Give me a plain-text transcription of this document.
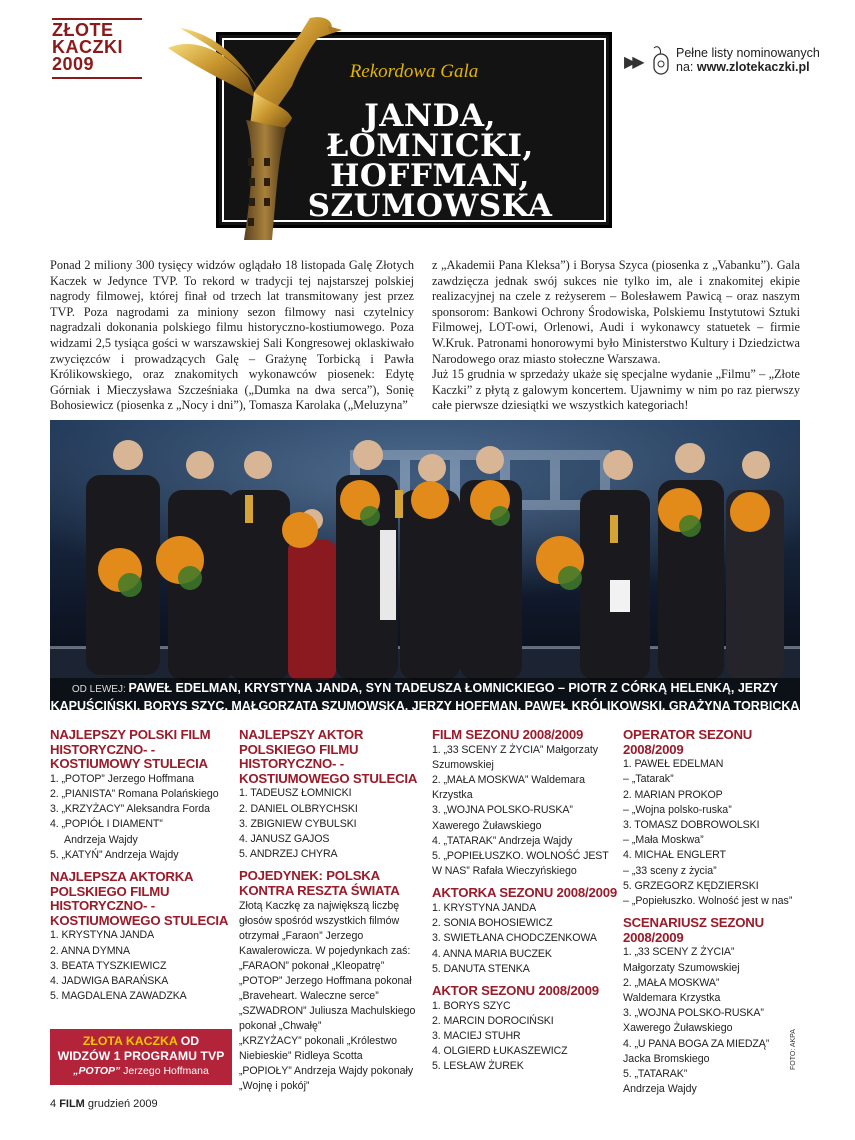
ZŁOTE
KACZKI
2009	Rekordowa Gala
JANDA,
ŁOMNICKI,
HOFFMAN,
SZUMOWSKA
▶▶
Pełne listy nominowanych
na: www.zlotekaczki.pl

Ponad 2 miliony 300 tysięcy widzów oglądało 18 listopada Galę Złotych Kaczek w Jedynce TVP. To rekord w tradycji tej najstarszej polskiej nagrody filmowej, której finał od trzech lat transmitowany jest przez TVP. Poza nagrodami za miniony sezon filmowy nasi czytelnicy nagradzali dokonania polskiego filmu historyczno-kostiumowego. Poza widzami 2,5 tysiąca gości w warszawskiej Sali Kongresowej oklaskiwało zwycięzców i prowadzących Galę – Grażynę Torbicką i Pawła Królikowskiego, oraz znakomitych wykonawców piosenek: Edytę Górniak i Mieczysława Szcześniaka („Dumka na dwa serca”), Sonię Bohosiewicz (piosenka z „Nocy i dni”), Tomasza Karolaka („Meluzyna”

z „Akademii Pana Kleksa”) i Borysa Szyca (piosenka z „Vabanku”). Gala zawdzięcza jednak swój sukces nie tylko im, ale i znakomitej ekipie realizacyjnej na czele z reżyserem – Bolesławem Pawicą – oraz naszym sponsorom: Bankowi Ochrony Środowiska, Polskiemu Instytutowi Sztuki Filmowej, LOT-owi, Orlenowi, Audi i wykonawcy statuetek – firmie W.Kruk. Patronami honorowymi było Ministerstwo Kultury i Dziedzictwa Narodowego oraz miasto stołeczne Warszawa.

Już 15 grudnia w sprzedaży ukaże się specjalne wydanie „Filmu” – „Złote Kaczki” z płytą z galowym koncertem. Ujawnimy w nim po raz pierwszy całe pierwsze dziesiątki we wszystkich kategoriach!

OD LEWEJ: PAWEŁ EDELMAN, KRYSTYNA JANDA, SYN TADEUSZA ŁOMNICKIEGO – PIOTR Z CÓRKĄ HELENKĄ, JERZY KAPUŚCIŃSKI, BORYS SZYC, MAŁGORZATA SZUMOWSKA, JERZY HOFFMAN, PAWEŁ KRÓLIKOWSKI, GRAŻYNA TORBICKA
NAJLEPSZY POLSKI FILM HISTORYCZNO- -KOSTIUMOWY STULECIA
1. „POTOP” Jerzego Hoffmana
2. „PIANISTA” Romana Polańskiego
3. „KRZYŻACY” Aleksandra Forda
4. „POPIÓŁ I DIAMENT”
Andrzeja Wajdy
5. „KATYŃ” Andrzeja Wajdy
NAJLEPSZA AKTORKA POLSKIEGO FILMU HISTORYCZNO- -KOSTIUMOWEGO STULECIA
1. KRYSTYNA JANDA
2. ANNA DYMNA
3. BEATA TYSZKIEWICZ
4. JADWIGA BARAŃSKA
5. MAGDALENA ZAWADZKA
ZŁOTA KACZKA OD
WIDZÓW 1 PROGRAMU TVP
„POTOP” Jerzego Hoffmana
NAJLEPSZY AKTOR POLSKIEGO FILMU HISTORYCZNO- -KOSTIUMOWEGO STULECIA
1. TADEUSZ ŁOMNICKI
2. DANIEL OLBRYCHSKI
3. ZBIGNIEW CYBULSKI
4. JANUSZ GAJOS
5. ANDRZEJ CHYRA
POJEDYNEK: POLSKA KONTRA RESZTA ŚWIATA

Złotą Kaczkę za największą liczbę głosów spośród wszystkich filmów otrzymał „Faraon” Jerzego Kawalerowicza. W pojedynkach zaś:

„FARAON” pokonał „Kleopatrę”

„POTOP” Jerzego Hoffmana pokonał „Braveheart. Waleczne serce”

„SZWADRON” Juliusza Machulskiego pokonał „Chwałę”

„KRZYŻACY” pokonali „Królestwo Niebieskie” Ridleya Scotta

„POPIOŁY” Andrzeja Wajdy pokonały „Wojnę i pokój”

FILM SEZONU 2008/2009
1. „33 SCENY Z ŻYCIA” Małgorzaty Szumowskiej
2. „MAŁA MOSKWA” Waldemara Krzystka
3. „WOJNA POLSKO-RUSKA” Xawerego Żuławskiego
4. „TATARAK” Andrzeja Wajdy
5. „POPIEŁUSZKO. WOLNOŚĆ JEST W NAS” Rafała Wieczyńskiego
AKTORKA SEZONU 2008/2009
1. KRYSTYNA JANDA
2. SONIA BOHOSIEWICZ
3. SWIETŁANA CHODCZENKOWA
4. ANNA MARIA BUCZEK
5. DANUTA STENKA
AKTOR SEZONU 2008/2009
1. BORYS SZYC
2. MARCIN DOROCIŃSKI
3. MACIEJ STUHR
4. OLGIERD ŁUKASZEWICZ
5. LESŁAW ŻUREK
OPERATOR SEZONU 2008/2009
1. PAWEŁ EDELMAN
– „Tatarak”
2. MARIAN PROKOP
– „Wojna polsko-ruska”
3. TOMASZ DOBROWOLSKI
– „Mała Moskwa”
4. MICHAŁ ENGLERT
– „33 sceny z życia”
5. GRZEGORZ KĘDZIERSKI
– „Popiełuszko. Wolność jest w nas”
SCENARIUSZ SEZONU 2008/2009
1. „33 SCENY Z ŻYCIA”
Małgorzaty Szumowskiej
2. „MAŁA MOSKWA”
Waldemara Krzystka
3. „WOJNA POLSKO-RUSKA”
Xawerego Żuławskiego
4. „U PANA BOGA ZA MIEDZĄ”
Jacka Bromskiego
5. „TATARAK”
Andrzeja Wajdy
FOTO: AKPA
4 FILM grudzień 2009
